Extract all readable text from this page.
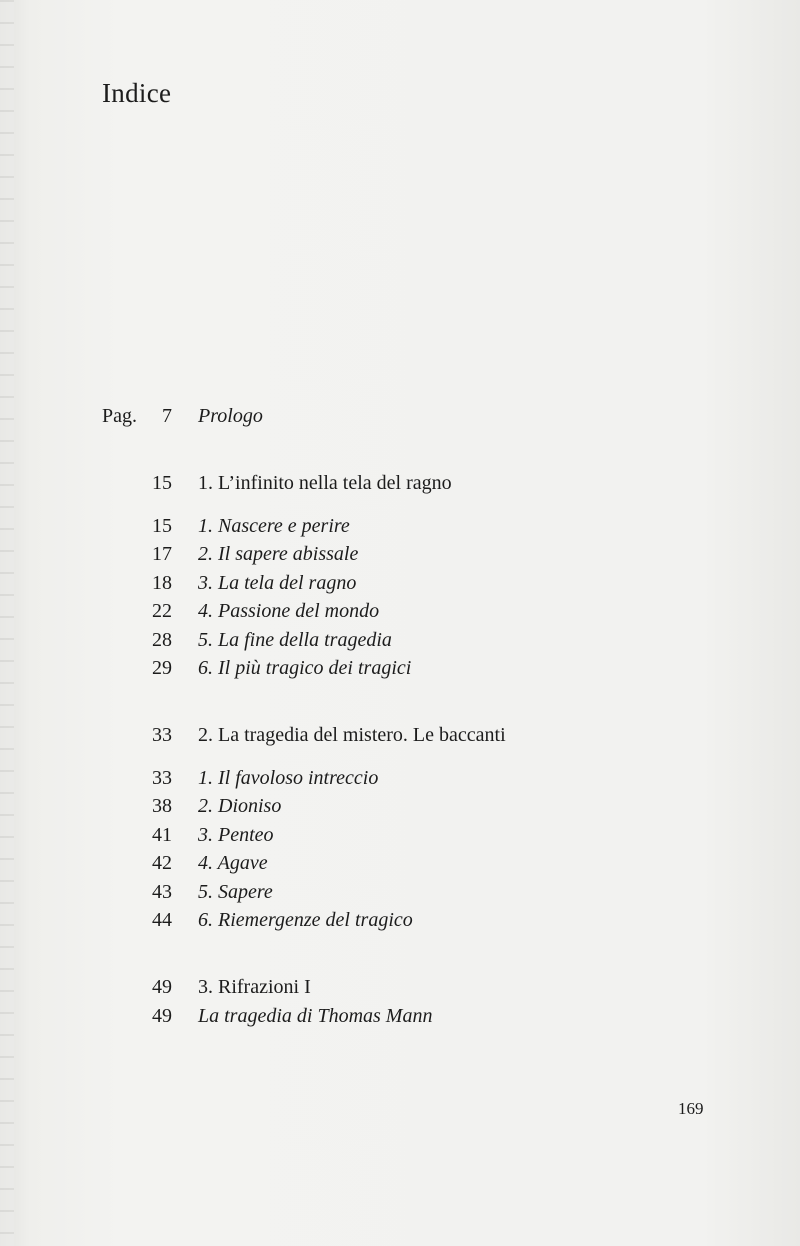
Indice
Pag. 7 Prologo
15 1. L’infinito nella tela del ragno
15 1. Nascere e perire
17 2. Il sapere abissale
18 3. La tela del ragno
22 4. Passione del mondo
28 5. La fine della tragedia
29 6. Il più tragico dei tragici
33 2. La tragedia del mistero. Le baccanti
33 1. Il favoloso intreccio
38 2. Dioniso
41 3. Penteo
42 4. Agave
43 5. Sapere
44 6. Riemergenze del tragico
49 3. Rifrazioni I
49 La tragedia di Thomas Mann
169
